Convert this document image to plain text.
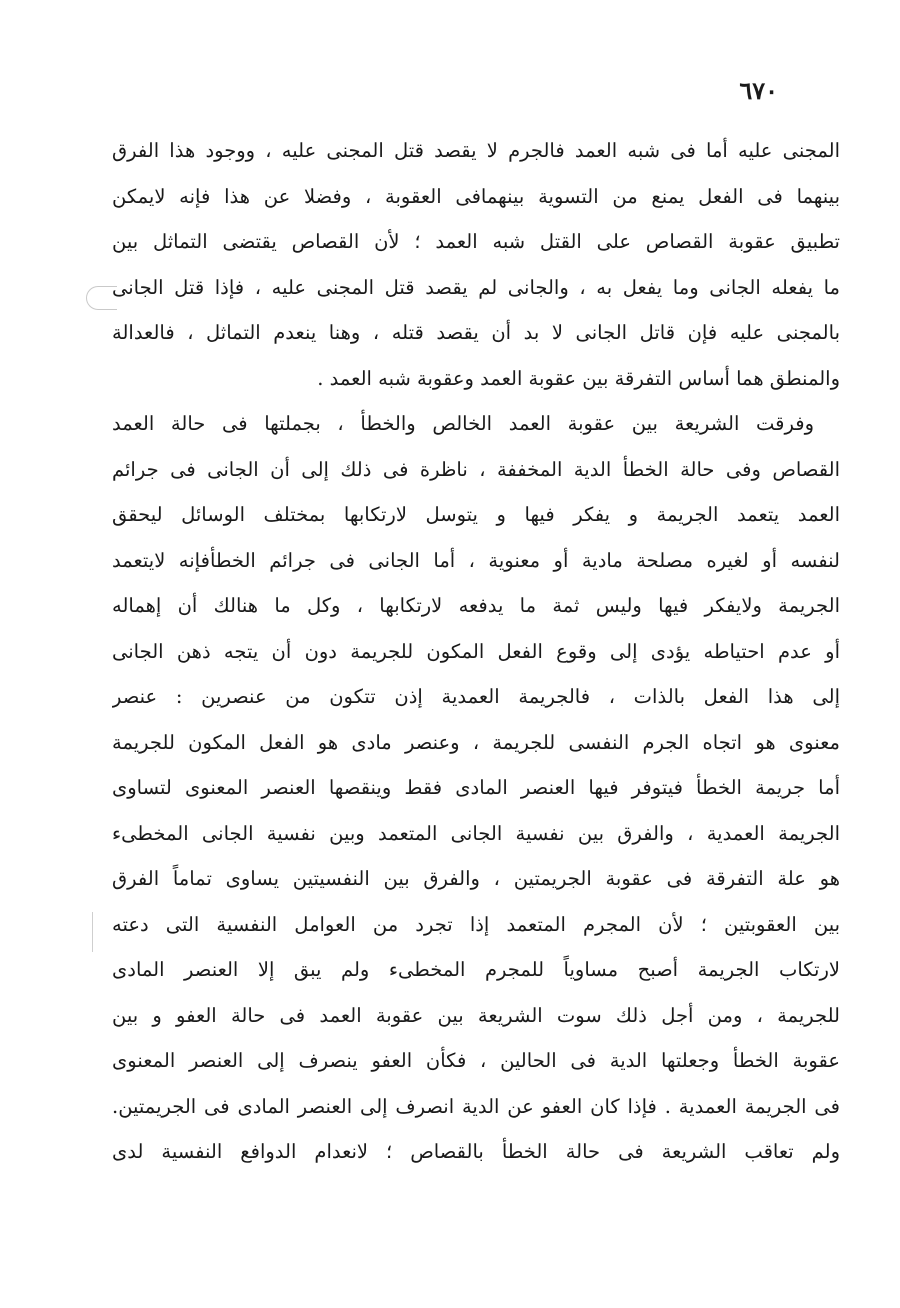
٦٧٠
المجنى عليه أما فى شبه العمد فالجرم لا يقصد قتل المجنى عليه ، ووجود هذا الفرق
بينهما فى الفعل يمنع من التسوية بينهمافى العقوبة ، وفضلا عن هذا فإنه لايمكن
تطبيق عقوبة القصاص على القتل شبه العمد ؛ لأن القصاص يقتضى التماثل بين
ما يفعله الجانى وما يفعل به ، والجانى لم يقصد قتل المجنى عليه ، فإذا قتل الجانى
بالمجنى عليه فإن قاتل الجانى لا بد أن يقصد قتله ، وهنا ينعدم التماثل ، فالعدالة
والمنطق هما أساس التفرقة بين عقوبة العمد وعقوبة شبه العمد .
وفرقت الشريعة بين عقوبة العمد الخالص والخطأ ، بجملتها فى حالة العمد
القصاص وفى حالة الخطأ الدية المخففة ، ناظرة فى ذلك إلى أن الجانى فى جرائم
العمد يتعمد الجريمة و يفكر فيها و يتوسل لارتكابها بمختلف الوسائل ليحقق
لنفسه أو لغيره مصلحة مادية أو معنوية ، أما الجانى فى جرائم الخطأفإنه لايتعمد
الجريمة ولايفكر فيها وليس ثمة ما يدفعه لارتكابها ، وكل ما هنالك أن إهماله
أو عدم احتياطه يؤدى إلى وقوع الفعل المكون للجريمة دون أن يتجه ذهن الجانى
إلى هذا الفعل بالذات ، فالجريمة العمدية إذن تتكون من عنصرين : عنصر
معنوى هو اتجاه الجرم النفسى للجريمة ، وعنصر مادى هو الفعل المكون للجريمة
أما جريمة الخطأ فيتوفر فيها العنصر المادى فقط وينقصها العنصر المعنوى لتساوى
الجريمة العمدية ، والفرق بين نفسية الجانى المتعمد وبين نفسية الجانى المخطىء
هو علة التفرقة فى عقوبة الجريمتين ، والفرق بين النفسيتين يساوى تماماً الفرق
بين العقوبتين ؛ لأن المجرم المتعمد إذا تجرد من العوامل النفسية التى دعته
لارتكاب الجريمة أصبح مساوياً للمجرم المخطىء ولم يبق إلا العنصر المادى
للجريمة ، ومن أجل ذلك سوت الشريعة بين عقوبة العمد فى حالة العفو و بين
عقوبة الخطأ وجعلتها الدية فى الحالين ، فكأن العفو ينصرف إلى العنصر المعنوى
فى الجريمة العمدية . فإذا كان العفو عن الدية انصرف إلى العنصر المادى فى الجريمتين.
ولم تعاقب الشريعة فى حالة الخطأ بالقصاص ؛ لانعدام الدوافع النفسية لدى
